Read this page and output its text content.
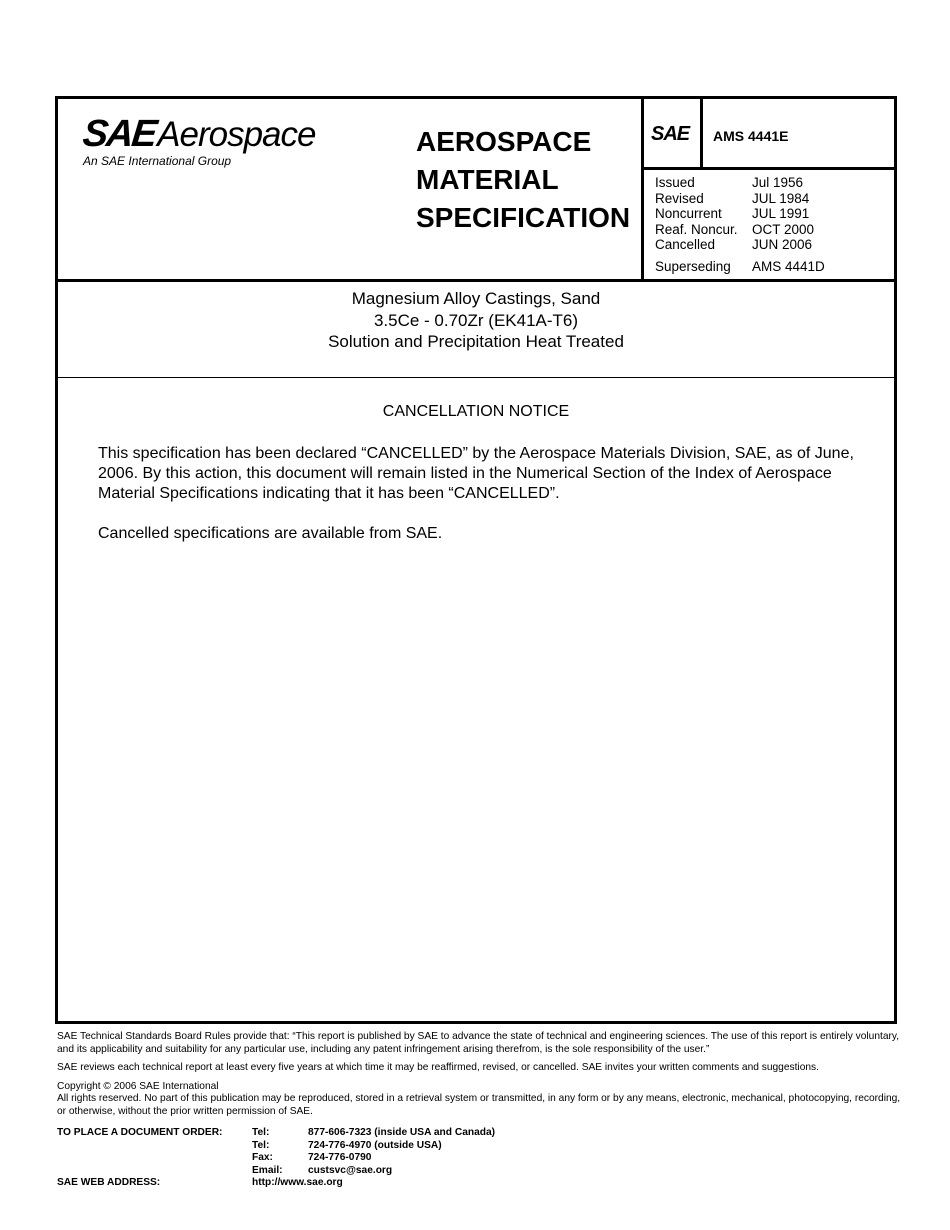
SAEAerospace
An SAE International Group
AEROSPACE
MATERIAL
SPECIFICATION
SAE AMS 4441E
Issued	Jul 1956
Revised	JUL 1984
Noncurrent	JUL 1991
Reaf. Noncur.	OCT 2000
Cancelled	JUN 2006
Superseding	AMS 4441D
Magnesium Alloy Castings, Sand
3.5Ce - 0.70Zr (EK41A-T6)
Solution and Precipitation Heat Treated
CANCELLATION NOTICE

This specification has been declared “CANCELLED” by the Aerospace Materials Division, SAE, as of June, 2006. By this action, this document will remain listed in the Numerical Section of the Index of Aerospace Material Specifications indicating that it has been “CANCELLED”.

Cancelled specifications are available from SAE.

SAE Technical Standards Board Rules provide that: “This report is published by SAE to advance the state of technical and engineering sciences. The use of this report is entirely voluntary, and its applicability and suitability for any particular use, including any patent infringement arising therefrom, is the sole responsibility of the user.”

SAE reviews each technical report at least every five years at which time it may be reaffirmed, revised, or cancelled. SAE invites your written comments and suggestions.

Copyright © 2006 SAE International
All rights reserved. No part of this publication may be reproduced, stored in a retrieval system or transmitted, in any form or by any means, electronic, mechanical, photocopying, recording, or otherwise, without the prior written permission of SAE.
TO PLACE A DOCUMENT ORDER:	Tel:	877-606-7323 (inside USA and Canada)
Tel:	724-776-4970 (outside USA)
Fax:	724-776-0790
Email:	custsvc@sae.org
SAE WEB ADDRESS:	http://www.sae.org
